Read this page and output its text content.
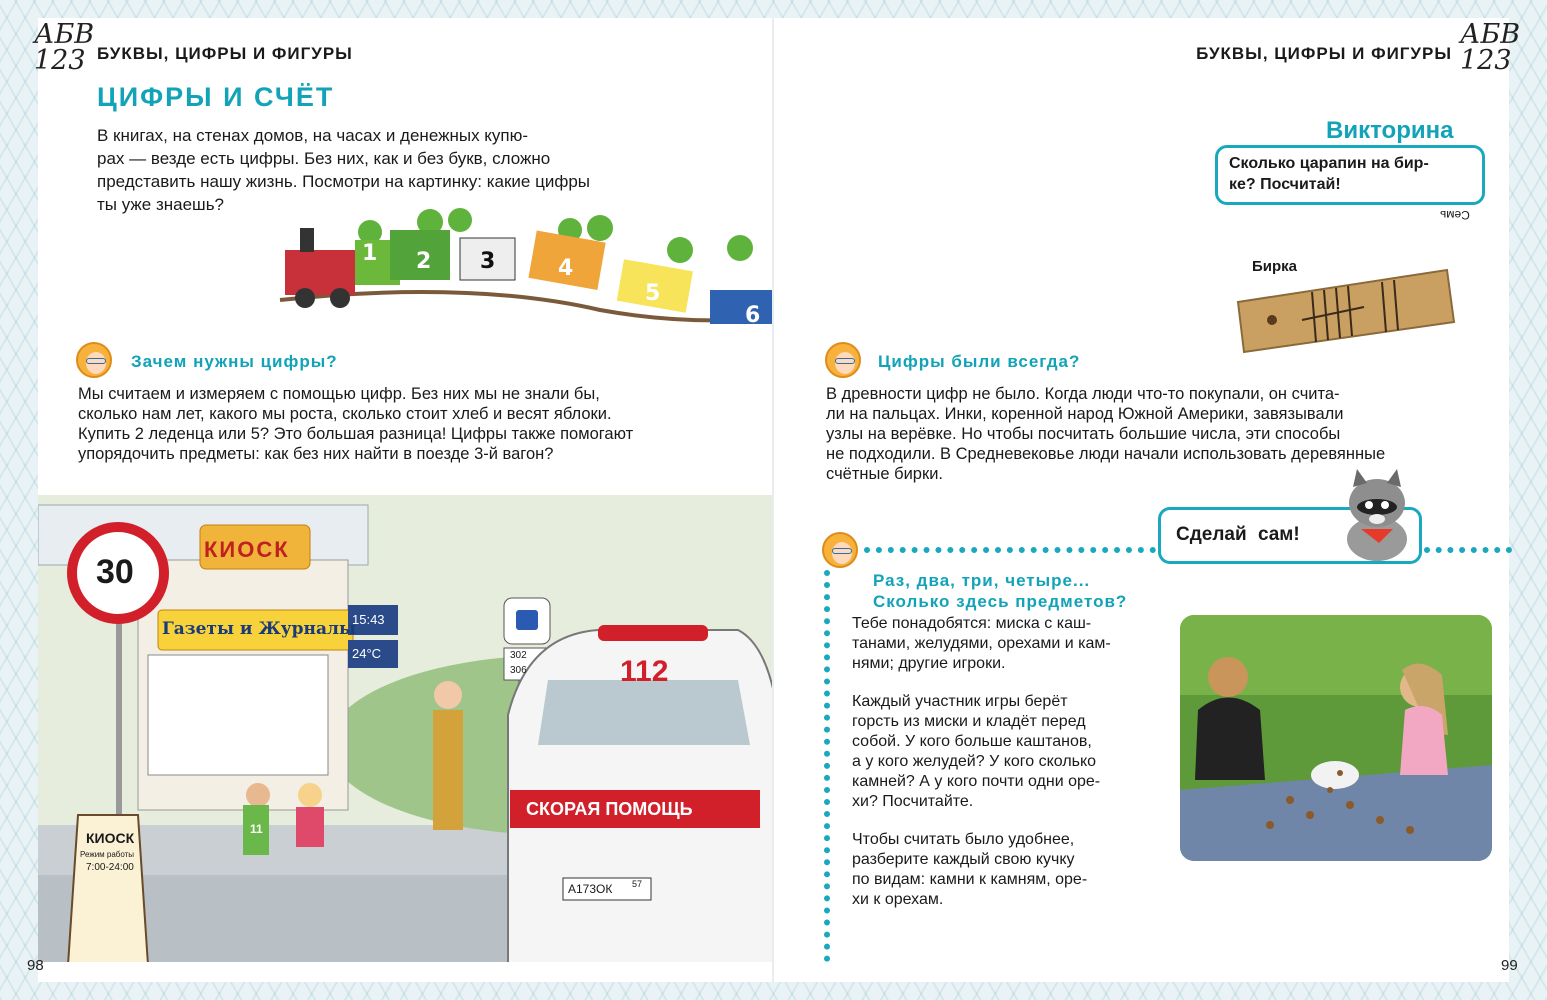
АБВ
123 БУКВЫ, ЦИФРЫ И ФИГУРЫ
ЦИФРЫ И СЧЁТ
В книгах, на стенах домов, на часах и денежных купю-
рах — везде есть цифры. Без них, как и без букв, сложно
представить нашу жизнь. Посмотри на картинку: какие цифры
ты уже знаешь?
1 2 3	4
5
6
Зачем нужны цифры?
Мы считаем и измеряем с помощью цифр. Без них мы не знали бы,
сколько нам лет, какого мы роста, сколько стоит хлеб и весят яблоки.
Купить 2 леденца или 5? Это большая разница! Цифры также помогают
упорядочить предметы: как без них найти в поезде 3-й вагон?
30
КИОСК
Газеты и Журналы
15:43
24°C
КИОСК
Режим работы
7:00-24:00
302
306	112
СКОРАЯ ПОМОЩЬ
А173ОК 57
11
98
БУКВЫ, ЦИФРЫ И ФИГУРЫ
АБВ
123
Викторина
Сколько царапин на бир-
ке? Посчитай!
Семь
Бирка
Цифры были всегда?
В древности цифр не было. Когда люди что-то покупали, он счита-
ли на пальцах. Инки, коренной народ Южной Америки, завязывали
узлы на верёвке. Но чтобы посчитать большие числа, эти способы
не подходили. В Средневековье люди начали использовать деревянные
счётные бирки.
Сделай сам!
Раз, два, три, четыре...
Сколько здесь предметов?
Тебе понадобятся: миска с каш-
танами, желудями, орехами и кам-
нями; другие игроки.
Каждый участник игры берёт
горсть из миски и кладёт перед
собой. У кого больше каштанов,
а у кого желудей? У кого сколько
камней? А у кого почти одни оре-
хи? Посчитайте.
Чтобы считать было удобнее,
разберите каждый свою кучку
по видам: камни к камням, оре-
хи к орехам.
99
